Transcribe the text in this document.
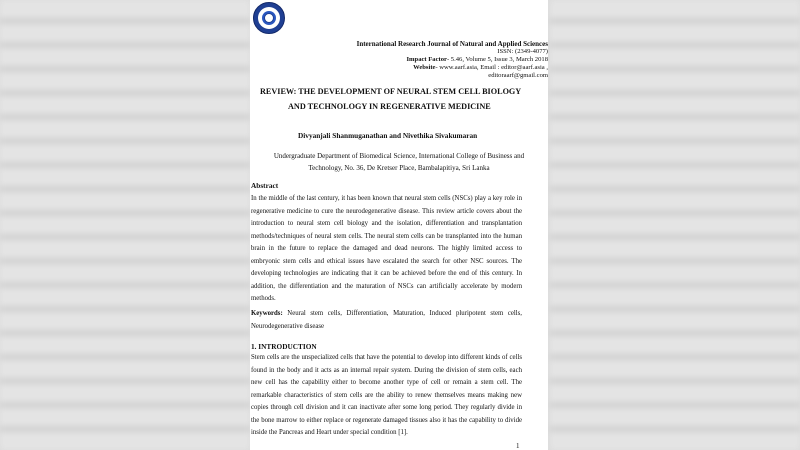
International Research Journal of Natural and Applied Sciences
ISSN: (2349-4077)
Impact Factor- 5.46, Volume 5, Issue 3, March 2018
Website- www.aarf.asia, Email : editor@aarf.asia ,
editoraarf@gmail.com
REVIEW: THE DEVELOPMENT OF NEURAL STEM CELL BIOLOGY
AND TECHNOLOGY IN REGENERATIVE MEDICINE
Divyanjali Shanmuganathan and Nivethika Sivakumaran
Undergraduate Department of Biomedical Science, International College of Business and
Technology, No. 36, De Kretser Place, Bambalapitiya, Sri Lanka
Abstract
In the middle of the last century, it has been known that neural stem cells (NSCs) play a key role in regenerative medicine to cure the neurodegenerative disease. This review article covers about the introduction to neural stem cell biology and the isolation, differentiation and transplantation methods/techniques of neural stem cells. The neural stem cells can be transplanted into the human brain in the future to replace the damaged and dead neurons. The highly limited access to embryonic stem cells and ethical issues have escalated the search for other NSC sources. The developing technologies are indicating that it can be achieved before the end of this century. In addition, the differentiation and the maturation of NSCs can artificially accelerate by modern methods.
Keywords: Neural stem cells, Differentiation, Maturation, Induced pluripotent stem cells, Neurodegenerative disease
1. INTRODUCTION
Stem cells are the unspecialized cells that have the potential to develop into different kinds of cells found in the body and it acts as an internal repair system. During the division of stem cells, each new cell has the capability either to become another type of cell or remain a stem cell. The remarkable characteristics of stem cells are the ability to renew themselves means making new copies through cell division and it can inactivate after some long period. They regularly divide in the bone marrow to either replace or regenerate damaged tissues also it has the capability to divide inside the Pancreas and Heart under special condition [1].
1
